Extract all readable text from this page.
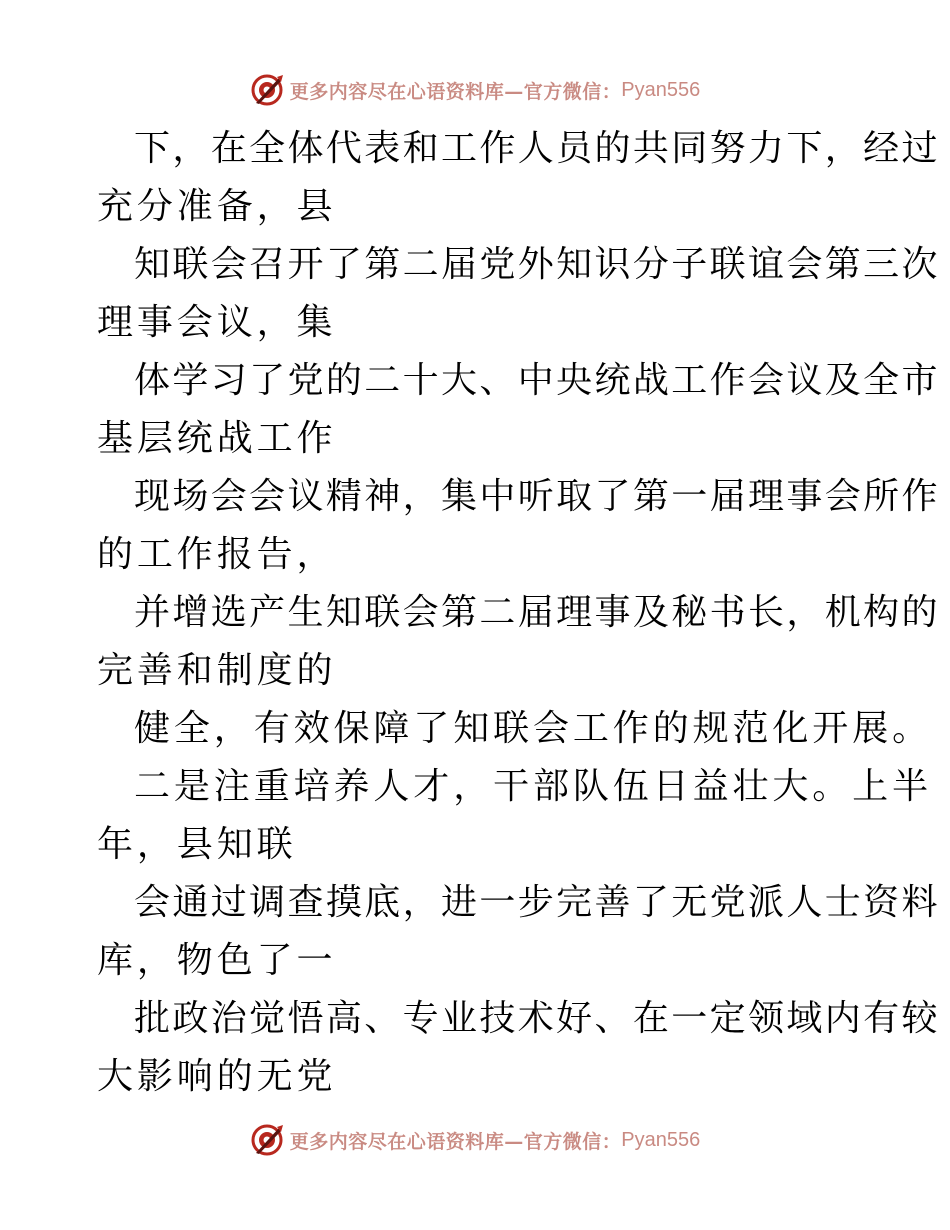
更多内容尽在心语资料库—官方微信： Pyan556
下，在全体代表和工作人员的共同努力下，经过
充分准备，县
知联会召开了第二届党外知识分子联谊会第三次
理事会议，集
体学习了党的二十大、中央统战工作会议及全市
基层统战工作
现场会会议精神，集中听取了第一届理事会所作
的工作报告，
并增选产生知联会第二届理事及秘书长，机构的
完善和制度的
健全，有效保障了知联会工作的规范化开展。
二是注重培养人才，干部队伍日益壮大。上半
年，县知联
会通过调查摸底，进一步完善了无党派人士资料
库，物色了一
批政治觉悟高、专业技术好、在一定领域内有较
大影响的无党
更多内容尽在心语资料库—官方微信： Pyan556
